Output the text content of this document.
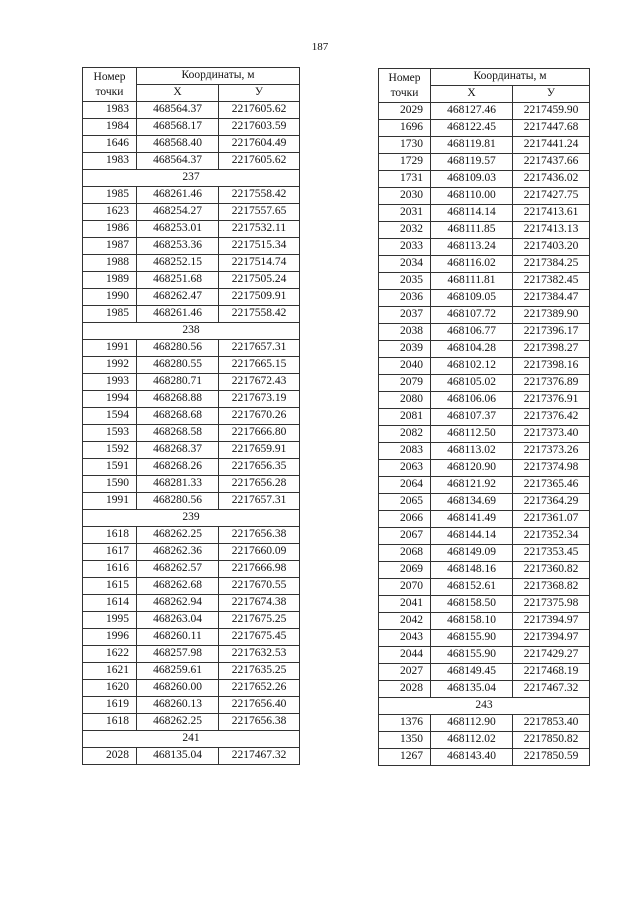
187
Номер
точки	Координаты, м	
	X	У
1983	468564.37	2217605.62
1984	468568.17	2217603.59
1646	468568.40	2217604.49
1983	468564.37	2217605.62
237		
1985	468261.46	2217558.42
1623	468254.27	2217557.65
1986	468253.01	2217532.11
1987	468253.36	2217515.34
1988	468252.15	2217514.74
1989	468251.68	2217505.24
1990	468262.47	2217509.91
1985	468261.46	2217558.42
238		
1991	468280.56	2217657.31
1992	468280.55	2217665.15
1993	468280.71	2217672.43
1994	468268.88	2217673.19
1594	468268.68	2217670.26
1593	468268.58	2217666.80
1592	468268.37	2217659.91
1591	468268.26	2217656.35
1590	468281.33	2217656.28
1991	468280.56	2217657.31
239		
1618	468262.25	2217656.38
1617	468262.36	2217660.09
1616	468262.57	2217666.98
1615	468262.68	2217670.55
1614	468262.94	2217674.38
1995	468263.04	2217675.25
1996	468260.11	2217675.45
1622	468257.98	2217632.53
1621	468259.61	2217635.25
1620	468260.00	2217652.26
1619	468260.13	2217656.40
1618	468262.25	2217656.38
241		
2028	468135.04	2217467.32
Номер
точки	Координаты, м	
	X	У
2029	468127.46	2217459.90
1696	468122.45	2217447.68
1730	468119.81	2217441.24
1729	468119.57	2217437.66
1731	468109.03	2217436.02
2030	468110.00	2217427.75
2031	468114.14	2217413.61
2032	468111.85	2217413.13
2033	468113.24	2217403.20
2034	468116.02	2217384.25
2035	468111.81	2217382.45
2036	468109.05	2217384.47
2037	468107.72	2217389.90
2038	468106.77	2217396.17
2039	468104.28	2217398.27
2040	468102.12	2217398.16
2079	468105.02	2217376.89
2080	468106.06	2217376.91
2081	468107.37	2217376.42
2082	468112.50	2217373.40
2083	468113.02	2217373.26
2063	468120.90	2217374.98
2064	468121.92	2217365.46
2065	468134.69	2217364.29
2066	468141.49	2217361.07
2067	468144.14	2217352.34
2068	468149.09	2217353.45
2069	468148.16	2217360.82
2070	468152.61	2217368.82
2041	468158.50	2217375.98
2042	468158.10	2217394.97
2043	468155.90	2217394.97
2044	468155.90	2217429.27
2027	468149.45	2217468.19
2028	468135.04	2217467.32
243		
1376	468112.90	2217853.40
1350	468112.02	2217850.82
1267	468143.40	2217850.59
